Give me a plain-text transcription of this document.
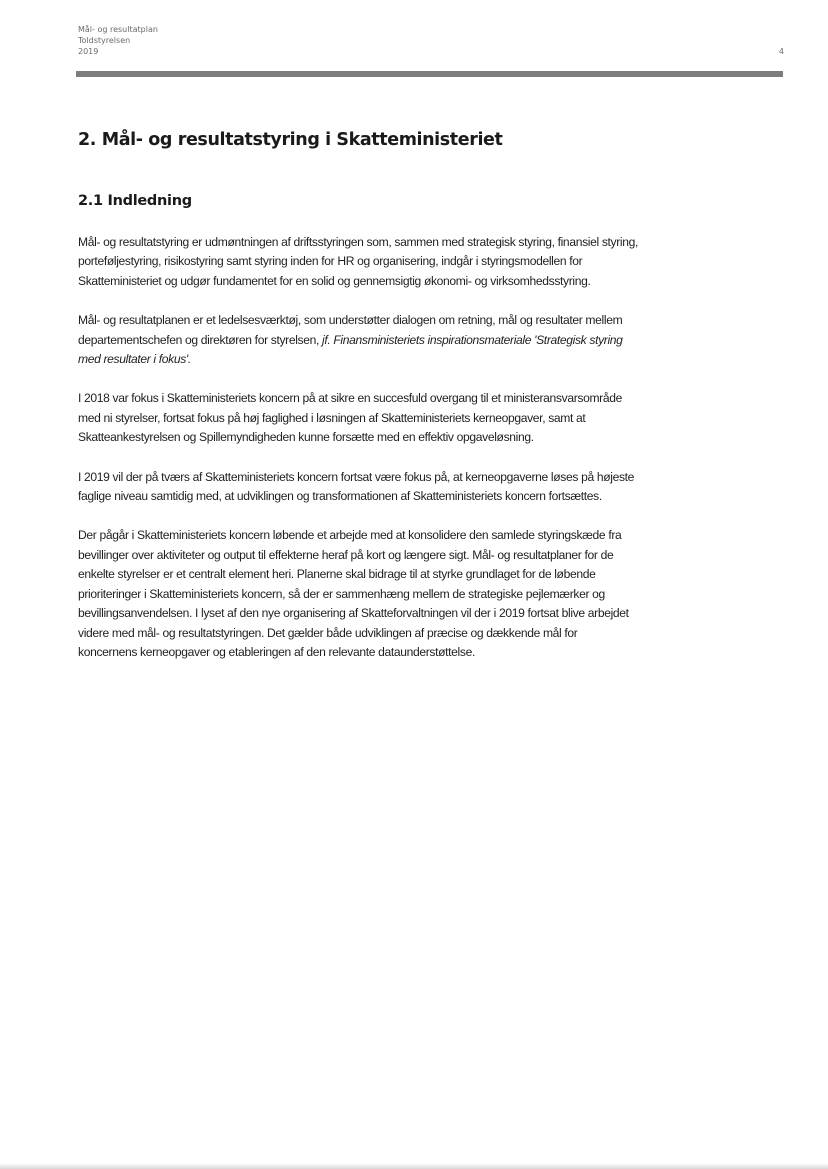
Mål- og resultatplan
Toldstyrelsen
2019	4
2. Mål- og resultatstyring i Skatteministeriet
2.1 Indledning

Mål- og resultatstyring er udmøntningen af driftsstyringen som, sammen med strategisk styring, finansiel styring, porteføljestyring, risikostyring samt styring inden for HR og organisering, indgår i styringsmodellen for Skatteministeriet og udgør fundamentet for en solid og gennemsigtig økonomi- og virksomhedsstyring.

Mål- og resultatplanen er et ledelsesværktøj, som understøtter dialogen om retning, mål og resultater mellem departementschefen og direktøren for styrelsen, jf. Finansministeriets inspirationsmateriale 'Strategisk styring med resultater i fokus'.

I 2018 var fokus i Skatteministeriets koncern på at sikre en succesfuld overgang til et ministeransvarsområde med ni styrelser, fortsat fokus på høj faglighed i løsningen af Skatteministeriets kerneopgaver, samt at Skatteankestyrelsen og Spillemyndigheden kunne forsætte med en effektiv opgaveløsning.

I 2019 vil der på tværs af Skatteministeriets koncern fortsat være fokus på, at kerneopgaverne løses på højeste faglige niveau samtidig med, at udviklingen og transformationen af Skatteministeriets koncern fortsættes.

Der pågår i Skatteministeriets koncern løbende et arbejde med at konsolidere den samlede styringskæde fra bevillinger over aktiviteter og output til effekterne heraf på kort og længere sigt. Mål- og resultatplaner for de enkelte styrelser er et centralt element heri. Planerne skal bidrage til at styrke grundlaget for de løbende prioriteringer i Skatteministeriets koncern, så der er sammenhæng mellem de strategiske pejlemærker og bevillingsanvendelsen. I lyset af den nye organisering af Skatteforvaltningen vil der i 2019 fortsat blive arbejdet videre med mål- og resultatstyringen. Det gælder både udviklingen af præcise og dækkende mål for koncernens kerneopgaver og etableringen af den relevante dataunderstøttelse.
